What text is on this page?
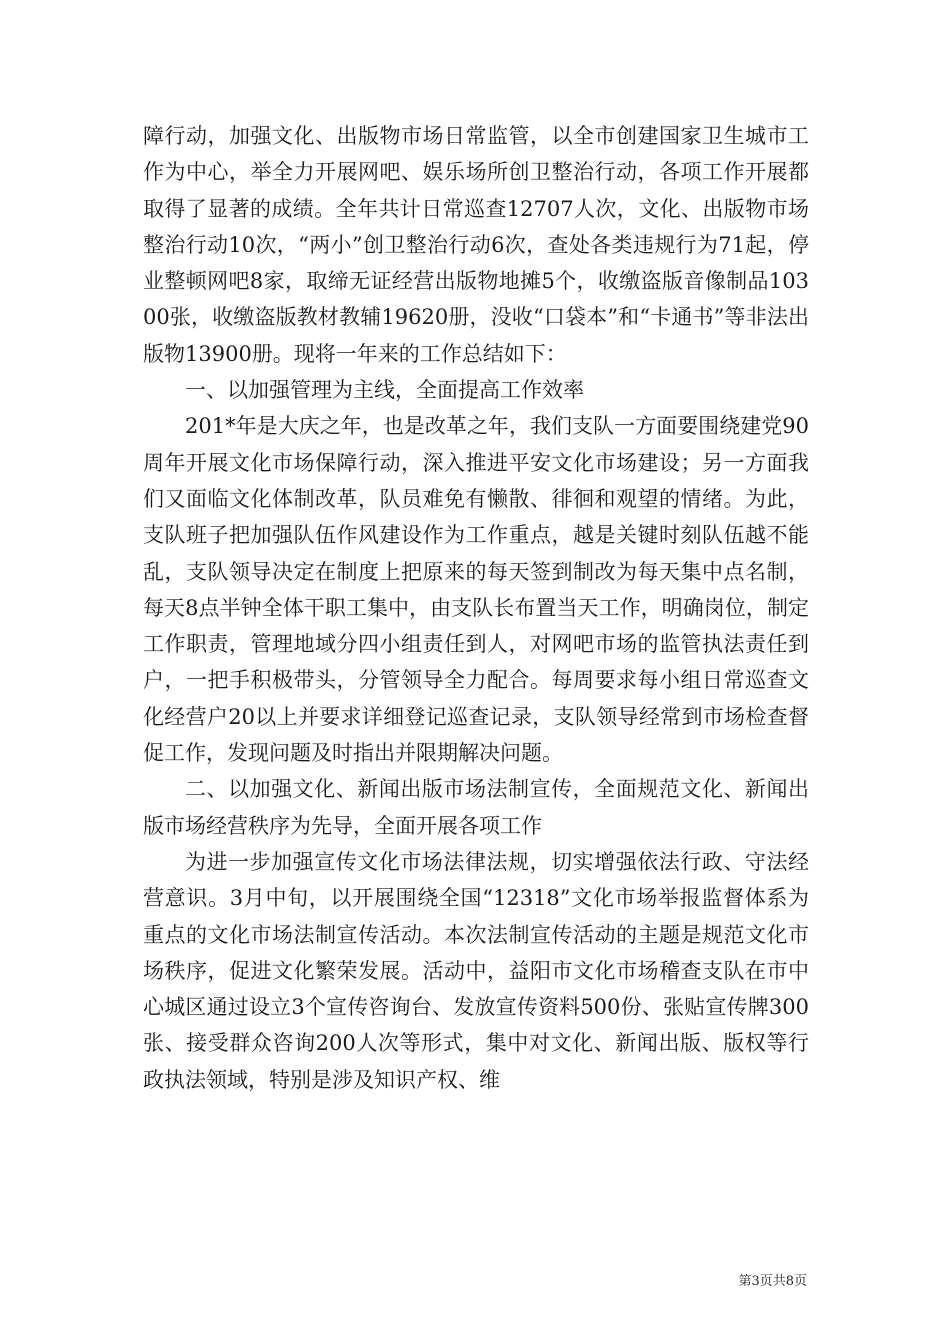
障行动，加强文化、出版物市场日常监管，以全市创建国家卫生城市工作为中心，举全力开展网吧、娱乐场所创卫整治行动，各项工作开展都取得了显著的成绩。全年共计日常巡查12707人次，文化、出版物市场整治行动10次，“两小”创卫整治行动6次，查处各类违规行为71起，停业整顿网吧8家，取缔无证经营出版物地摊5个，收缴盗版音像制品10300张，收缴盗版教材教辅19620册，没收“口袋本”和“卡通书”等非法出版物13900册。现将一年来的工作总结如下：

一、以加强管理为主线，全面提高工作效率

201*年是大庆之年，也是改革之年，我们支队一方面要围绕建党90周年开展文化市场保障行动，深入推进平安文化市场建设；另一方面我们又面临文化体制改革，队员难免有懒散、徘徊和观望的情绪。为此，支队班子把加强队伍作风建设作为工作重点，越是关键时刻队伍越不能乱，支队领导决定在制度上把原来的每天签到制改为每天集中点名制，每天8点半钟全体干职工集中，由支队长布置当天工作，明确岗位，制定工作职责，管理地域分四小组责任到人，对网吧市场的监管执法责任到户，一把手积极带头，分管领导全力配合。每周要求每小组日常巡查文化经营户20以上并要求详细登记巡查记录，支队领导经常到市场检查督促工作，发现问题及时指出并限期解决问题。

二、以加强文化、新闻出版市场法制宣传，全面规范文化、新闻出版市场经营秩序为先导，全面开展各项工作

为进一步加强宣传文化市场法律法规，切实增强依法行政、守法经营意识。3月中旬，以开展围绕全国“12318”文化市场举报监督体系为重点的文化市场法制宣传活动。本次法制宣传活动的主题是规范文化市场秩序，促进文化繁荣发展。活动中，益阳市文化市场稽查支队在市中心城区通过设立3个宣传咨询台、发放宣传资料500份、张贴宣传牌300张、接受群众咨询200人次等形式，集中对文化、新闻出版、版权等行政执法领域，特别是涉及知识产权、维

第3页共8页
